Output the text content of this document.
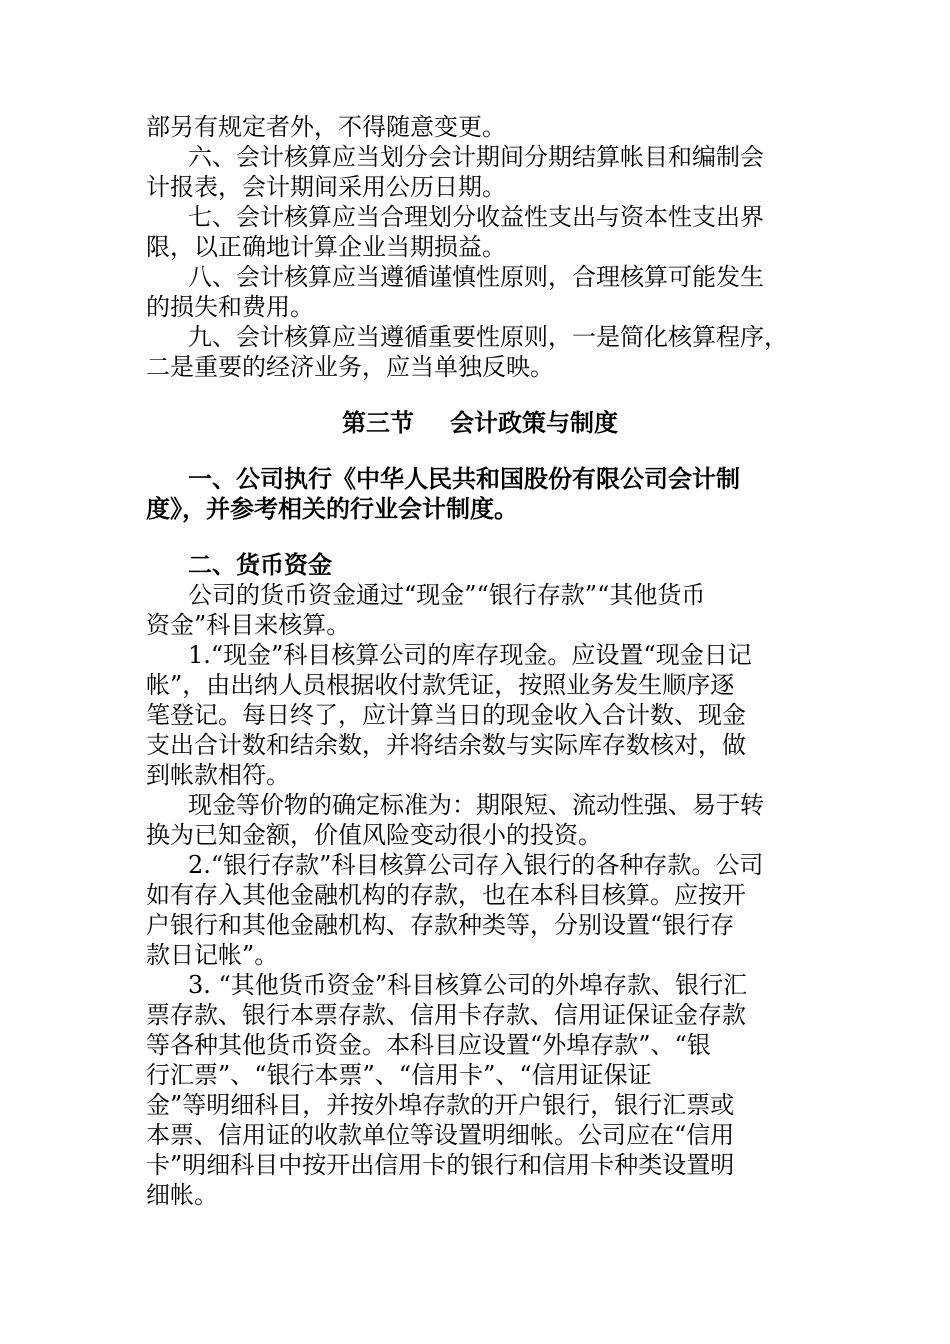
部另有规定者外，不得随意变更。
六、会计核算应当划分会计期间分期结算帐目和编制会
计报表，会计期间采用公历日期。
七、会计核算应当合理划分收益性支出与资本性支出界
限，以正确地计算企业当期损益。
八、会计核算应当遵循谨慎性原则，合理核算可能发生
的损失和费用。
九、会计核算应当遵循重要性原则，一是简化核算程序，
二是重要的经济业务，应当单独反映。
第三节 会计政策与制度
一、公司执行《中华人民共和国股份有限公司会计制
度》，并参考相关的行业会计制度。
二、货币资金
公司的货币资金通过“现金”“银行存款”“其他货币
资金”科目来核算。
1.“现金”科目核算公司的库存现金。应设置“现金日记
帐”，由出纳人员根据收付款凭证，按照业务发生顺序逐
笔登记。每日终了，应计算当日的现金收入合计数、现金
支出合计数和结余数，并将结余数与实际库存数核对，做
到帐款相符。
现金等价物的确定标准为：期限短、流动性强、易于转
换为已知金额，价值风险变动很小的投资。
2.“银行存款”科目核算公司存入银行的各种存款。公司
如有存入其他金融机构的存款，也在本科目核算。应按开
户银行和其他金融机构、存款种类等，分别设置“银行存
款日记帐”。
3. “其他货币资金”科目核算公司的外埠存款、银行汇
票存款、银行本票存款、信用卡存款、信用证保证金存款
等各种其他货币资金。本科目应设置“外埠存款”、“银
行汇票”、“银行本票”、“信用卡”、“信用证保证
金”等明细科目，并按外埠存款的开户银行，银行汇票或
本票、信用证的收款单位等设置明细帐。公司应在“信用
卡”明细科目中按开出信用卡的银行和信用卡种类设置明
细帐。
